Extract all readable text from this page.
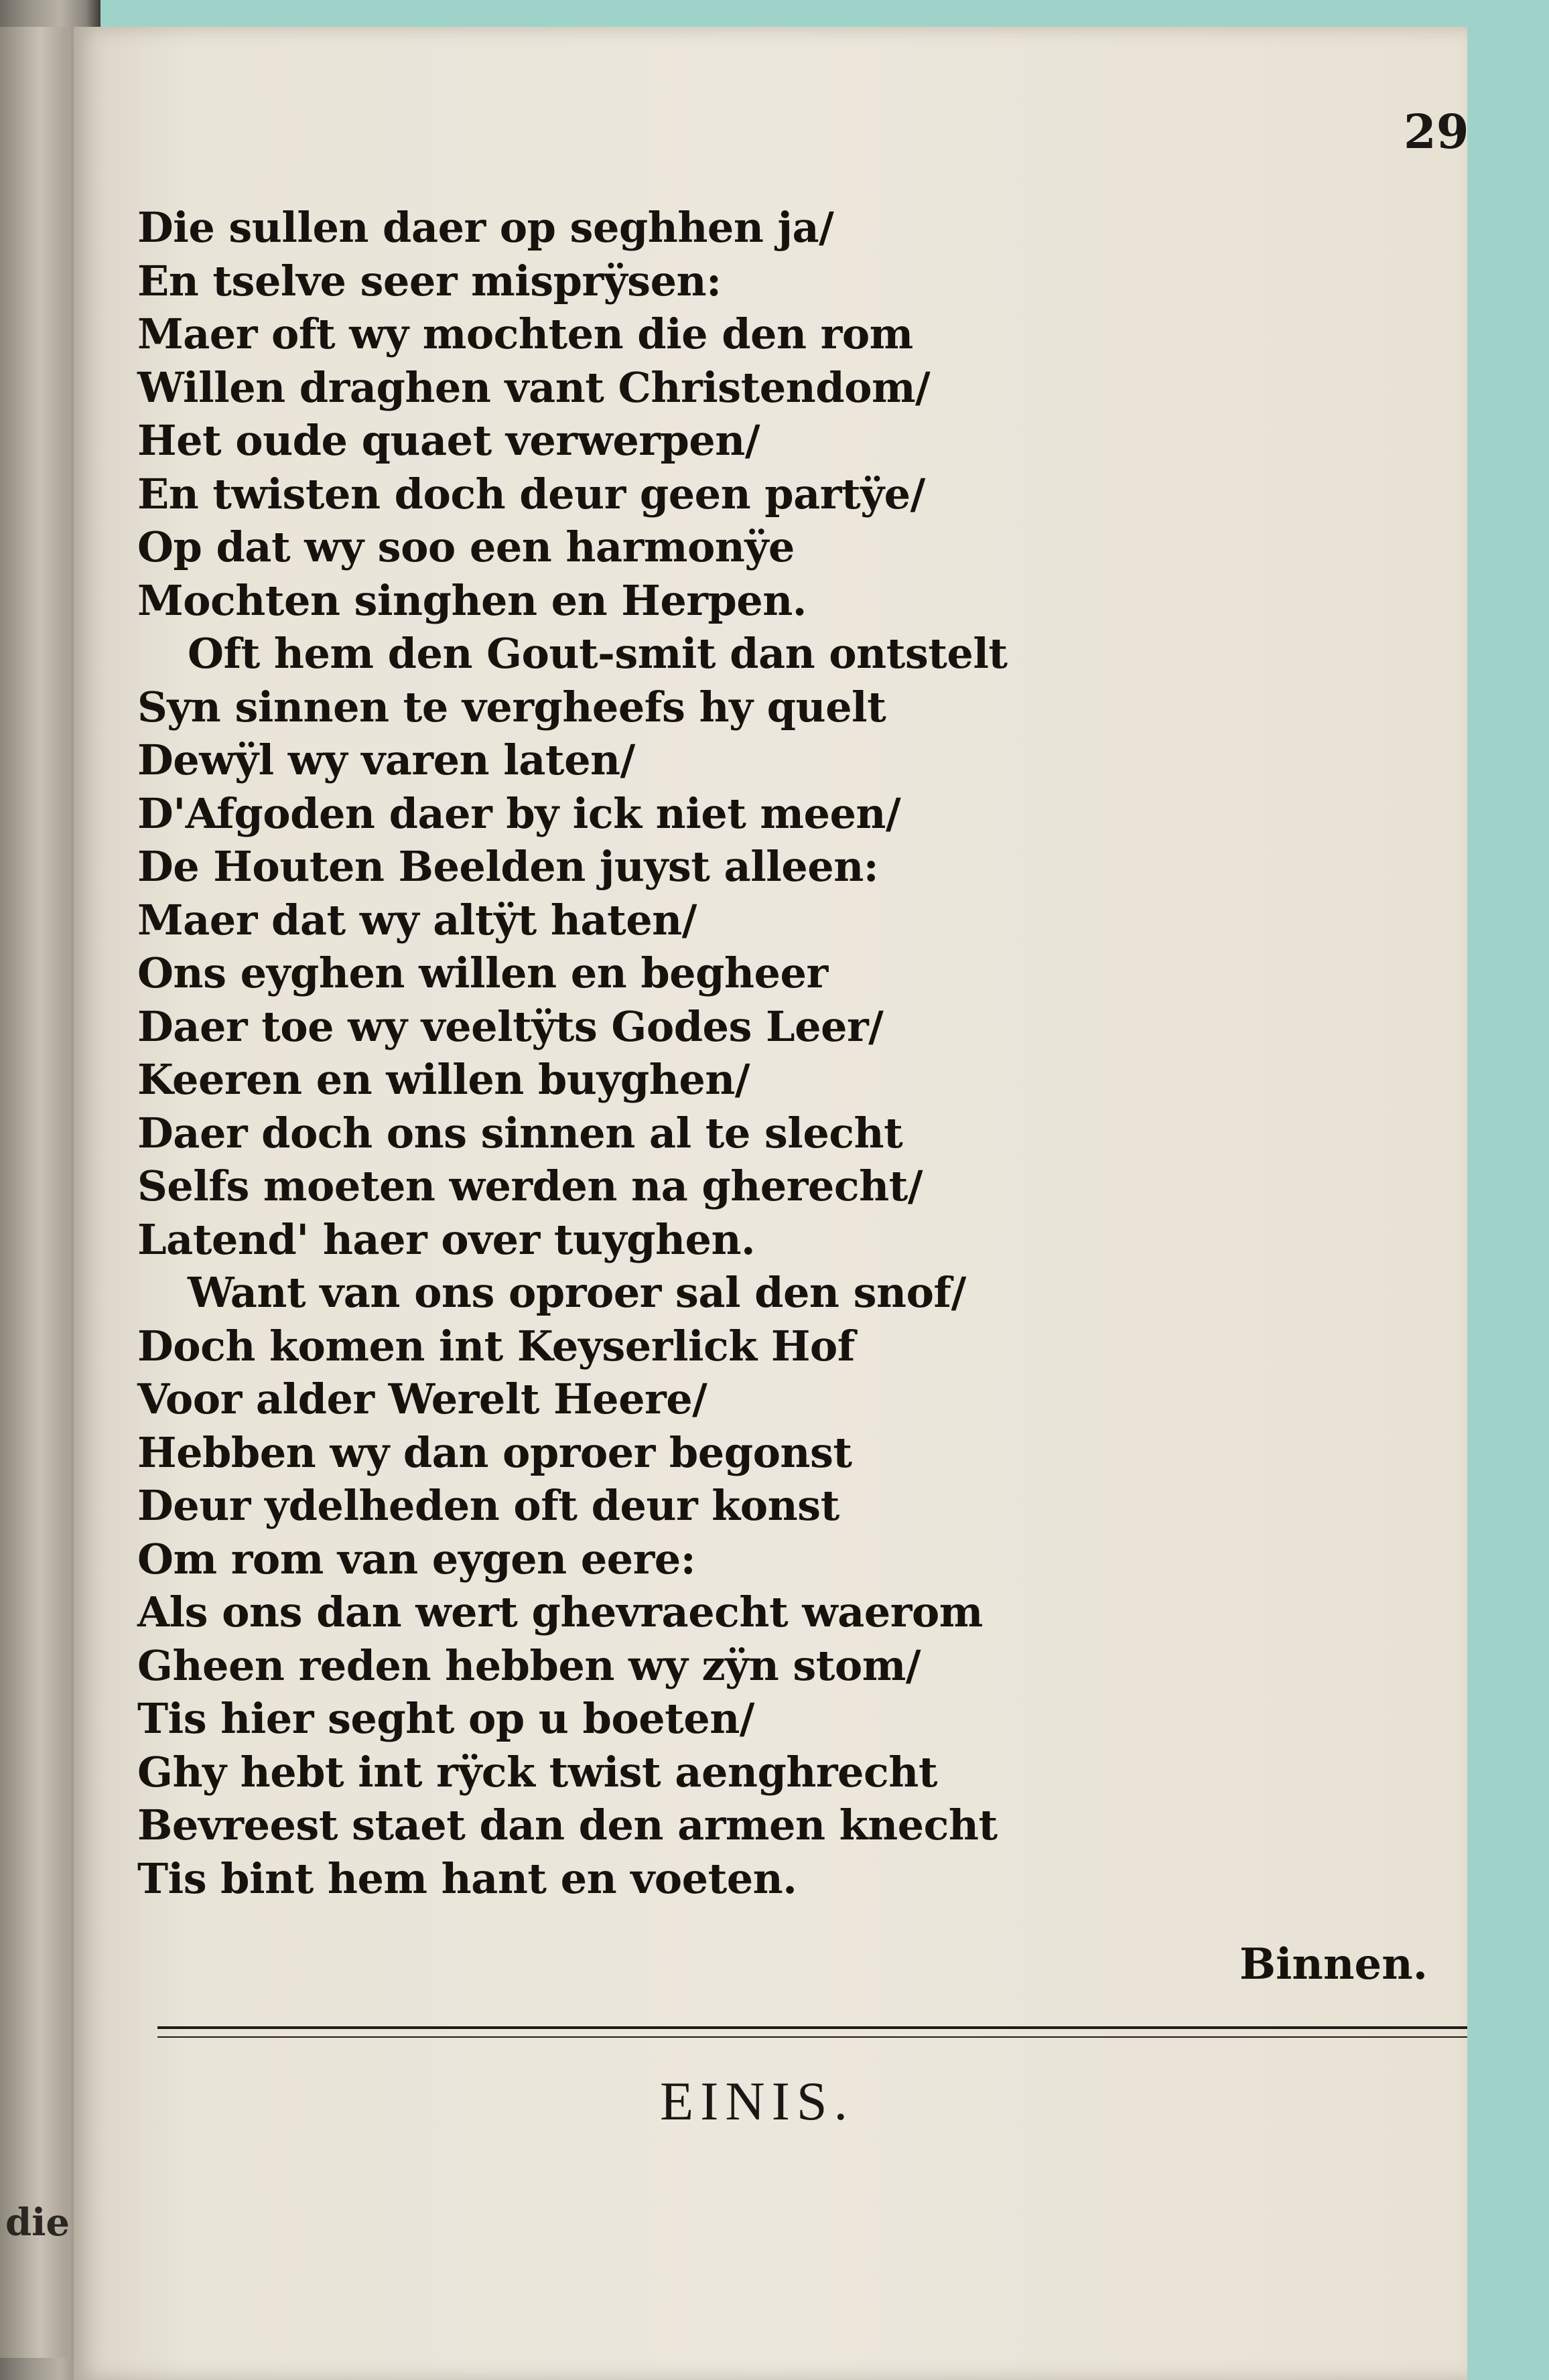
die
29
Die sullen daer op seghhen ja/
En tselve seer misprÿsen:
Maer oft wy mochten die den rom
Willen draghen vant Christendom/
Het oude quaet verwerpen/
En twisten doch deur geen partÿe/
Op dat wy soo een harmonÿe
Mochten singhen en Herpen.
Oft hem den Gout-smit dan ontstelt
Syn sinnen te vergheefs hy quelt
Dewÿl wy varen laten/
D'Afgoden daer by ick niet meen/
De Houten Beelden juyst alleen:
Maer dat wy altÿt haten/
Ons eyghen willen en begheer
Daer toe wy veeltÿts Godes Leer/
Keeren en willen buyghen/
Daer doch ons sinnen al te slecht
Selfs moeten werden na gherecht/
Latend' haer over tuyghen.
Want van ons oproer sal den snof/
Doch komen int Keyserlick Hof
Voor alder Werelt Heere/
Hebben wy dan oproer begonst
Deur ydelheden oft deur konst
Om rom van eygen eere:
Als ons dan wert ghevraecht waerom
Gheen reden hebben wy zÿn stom/
Tis hier seght op u boeten/
Ghy hebt int rÿck twist aenghrecht
Bevreest staet dan den armen knecht
Tis bint hem hant en voeten.
Binnen.
EINIS.
